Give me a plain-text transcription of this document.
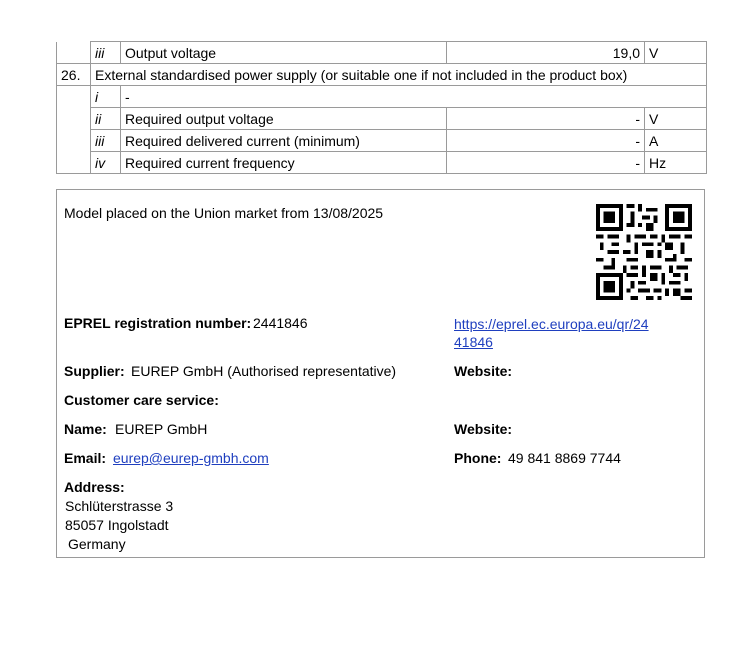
	iii	Output voltage	19,0	V
26.	External standardised power supply (or suitable one if not included in the product box)			
	i	-		
	ii	Required output voltage	-	V
	iii	Required delivered current (minimum)	-	A
	iv	Required current frequency	-	Hz
Model placed on the Union market from 13/08/2025
EPREL registration number: 2441846	https://eprel.ec.europa.eu/qr/24
41846
Supplier: EUREP GmbH (Authorised representative)	Website:
Customer care service:
Name: EUREP GmbH	Website:
Email: eurep@eurep-gmbh.com	Phone: 49 841 8869 7744
Address:
Schlüterstrasse 3
85057 Ingolstadt
Germany
